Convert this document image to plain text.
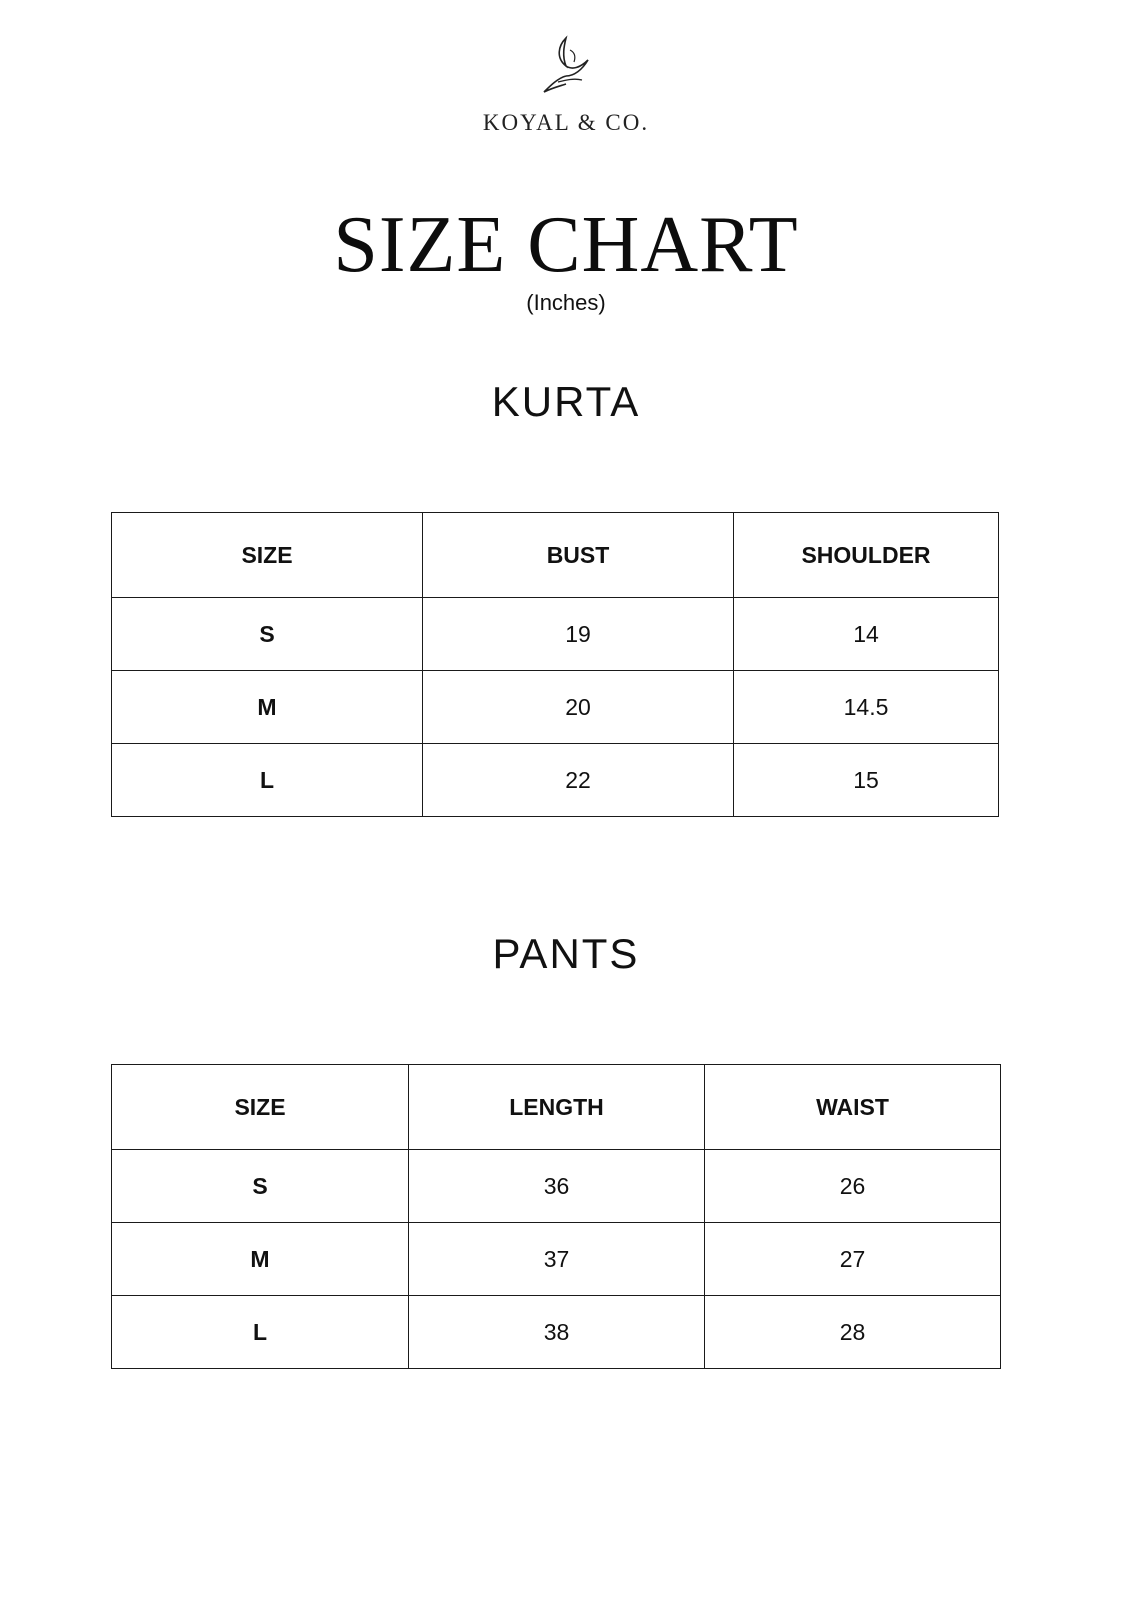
KOYAL & CO.
SIZE CHART
(Inches)
KURTA
SIZE	BUST	SHOULDER
S	19	14
M	20	14.5
L	22	15
PANTS
SIZE	LENGTH	WAIST
S	36	26
M	37	27
L	38	28
